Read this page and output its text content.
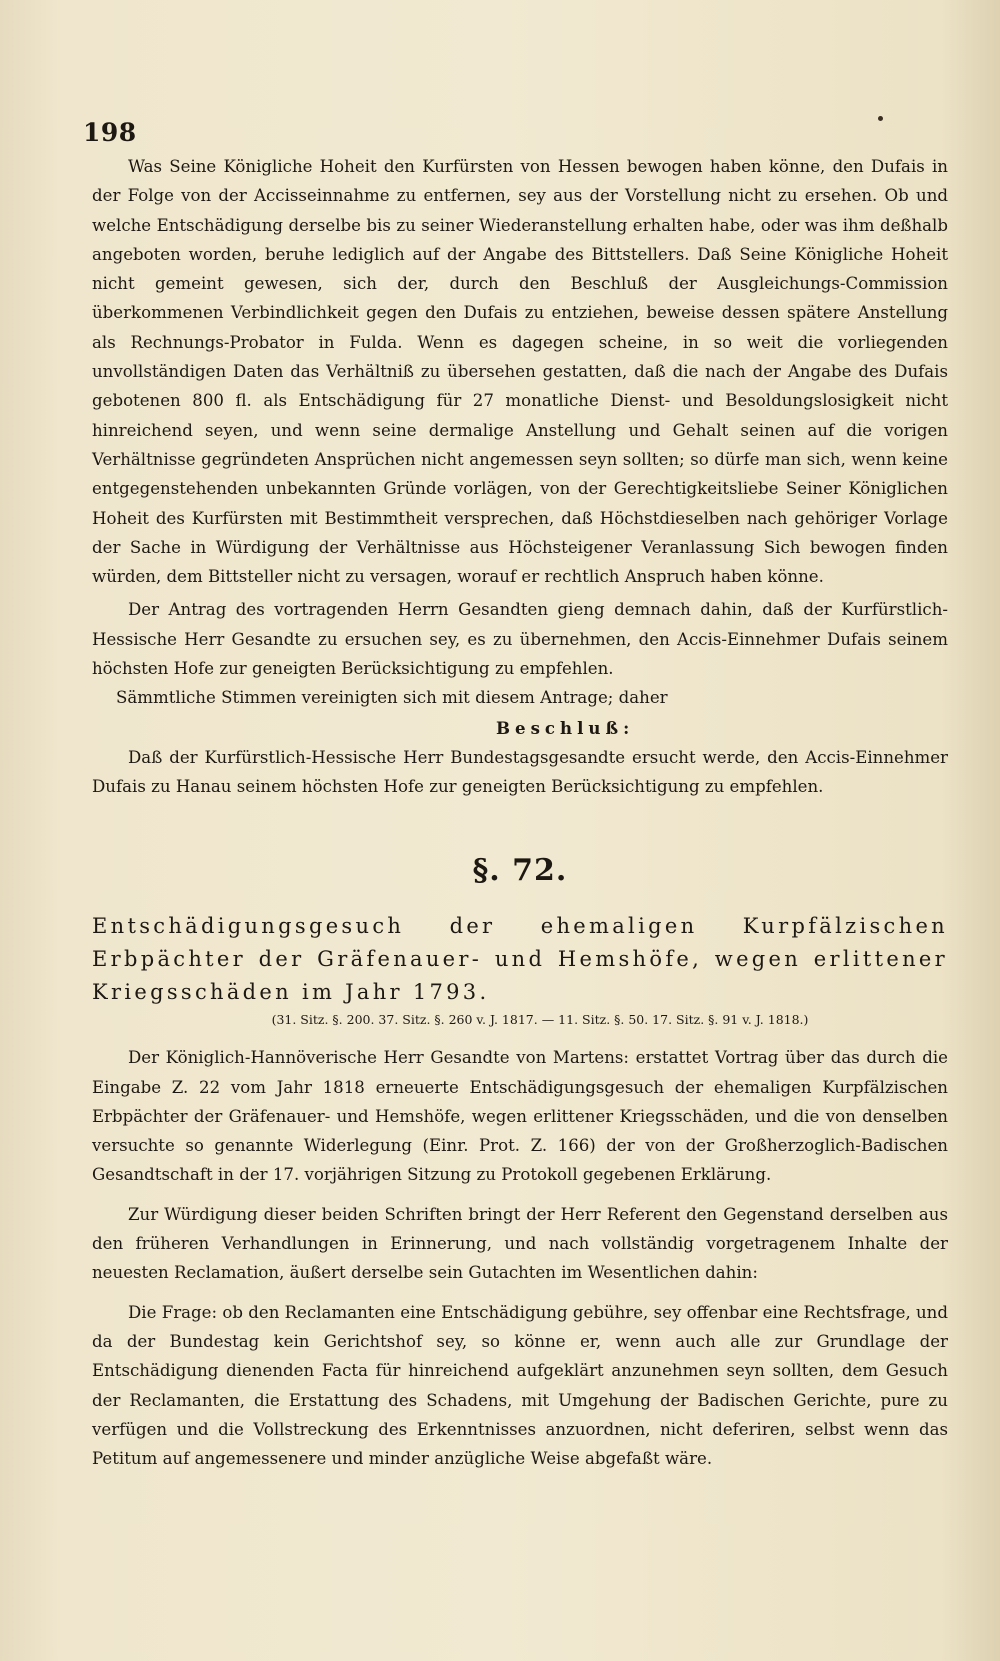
198

Was Seine Königliche Hoheit den Kurfürsten von Hessen bewogen haben könne, den Dufais in der Folge von der Accisseinnahme zu entfernen, sey aus der Vorstellung nicht zu ersehen. Ob und welche Entschädigung derselbe bis zu seiner Wiederanstellung erhalten habe, oder was ihm deßhalb angeboten worden, beruhe lediglich auf der Angabe des Bittstellers. Daß Seine Königliche Hoheit nicht gemeint gewesen, sich der, durch den Beschluß der Ausgleichungs-Commission überkommenen Verbindlichkeit gegen den Dufais zu entziehen, beweise dessen spätere Anstellung als Rechnungs-Probator in Fulda. Wenn es dagegen scheine, in so weit die vorliegenden unvollständigen Daten das Verhältniß zu übersehen gestatten, daß die nach der Angabe des Dufais gebotenen 800 fl. als Entschädigung für 27 monatliche Dienst- und Besoldungslosigkeit nicht hinreichend seyen, und wenn seine dermalige Anstellung und Gehalt seinen auf die vorigen Verhältnisse gegründeten Ansprüchen nicht angemessen seyn sollten; so dürfe man sich, wenn keine entgegenstehenden unbekannten Gründe vorlägen, von der Gerechtigkeitsliebe Seiner Königlichen Hoheit des Kurfürsten mit Bestimmtheit versprechen, daß Höchstdieselben nach gehöriger Vorlage der Sache in Würdigung der Verhältnisse aus Höchsteigener Veranlassung Sich bewogen finden würden, dem Bittsteller nicht zu versagen, worauf er rechtlich Anspruch haben könne.

Der Antrag des vortragenden Herrn Gesandten gieng demnach dahin, daß der Kurfürstlich-Hessische Herr Gesandte zu ersuchen sey, es zu übernehmen, den Accis-Einnehmer Dufais seinem höchsten Hofe zur geneigten Berücksichtigung zu empfehlen.

Sämmtliche Stimmen vereinigten sich mit diesem Antrage; daher

Beschluß:

Daß der Kurfürstlich-Hessische Herr Bundestagsgesandte ersucht werde, den Accis-Einnehmer Dufais zu Hanau seinem höchsten Hofe zur geneigten Berücksichtigung zu empfehlen.

§. 72.
Entschädigungsgesuch der ehemaligen Kurpfälzischen Erbpächter der Gräfenauer- und Hemshöfe, wegen erlittener Kriegsschäden im Jahr 1793.
(31. Sitz. §. 200. 37. Sitz. §. 260 v. J. 1817. — 11. Sitz. §. 50. 17. Sitz. §. 91 v. J. 1818.)

Der Königlich-Hannöverische Herr Gesandte von Martens: erstattet Vortrag über das durch die Eingabe Z. 22 vom Jahr 1818 erneuerte Entschädigungsgesuch der ehemaligen Kurpfälzischen Erbpächter der Gräfenauer- und Hemshöfe, wegen erlittener Kriegsschäden, und die von denselben versuchte so genannte Widerlegung (Einr. Prot. Z. 166) der von der Großherzoglich-Badischen Gesandtschaft in der 17. vorjährigen Sitzung zu Protokoll gegebenen Erklärung.

Zur Würdigung dieser beiden Schriften bringt der Herr Referent den Gegenstand derselben aus den früheren Verhandlungen in Erinnerung, und nach vollständig vorgetragenem Inhalte der neuesten Reclamation, äußert derselbe sein Gutachten im Wesentlichen dahin:

Die Frage: ob den Reclamanten eine Entschädigung gebühre, sey offenbar eine Rechtsfrage, und da der Bundestag kein Gerichtshof sey, so könne er, wenn auch alle zur Grundlage der Entschädigung dienenden Facta für hinreichend aufgeklärt anzunehmen seyn sollten, dem Gesuch der Reclamanten, die Erstattung des Schadens, mit Umgehung der Badischen Gerichte, pure zu verfügen und die Vollstreckung des Erkenntnisses anzuordnen, nicht deferiren, selbst wenn das Petitum auf angemessenere und minder anzügliche Weise abgefaßt wäre.
